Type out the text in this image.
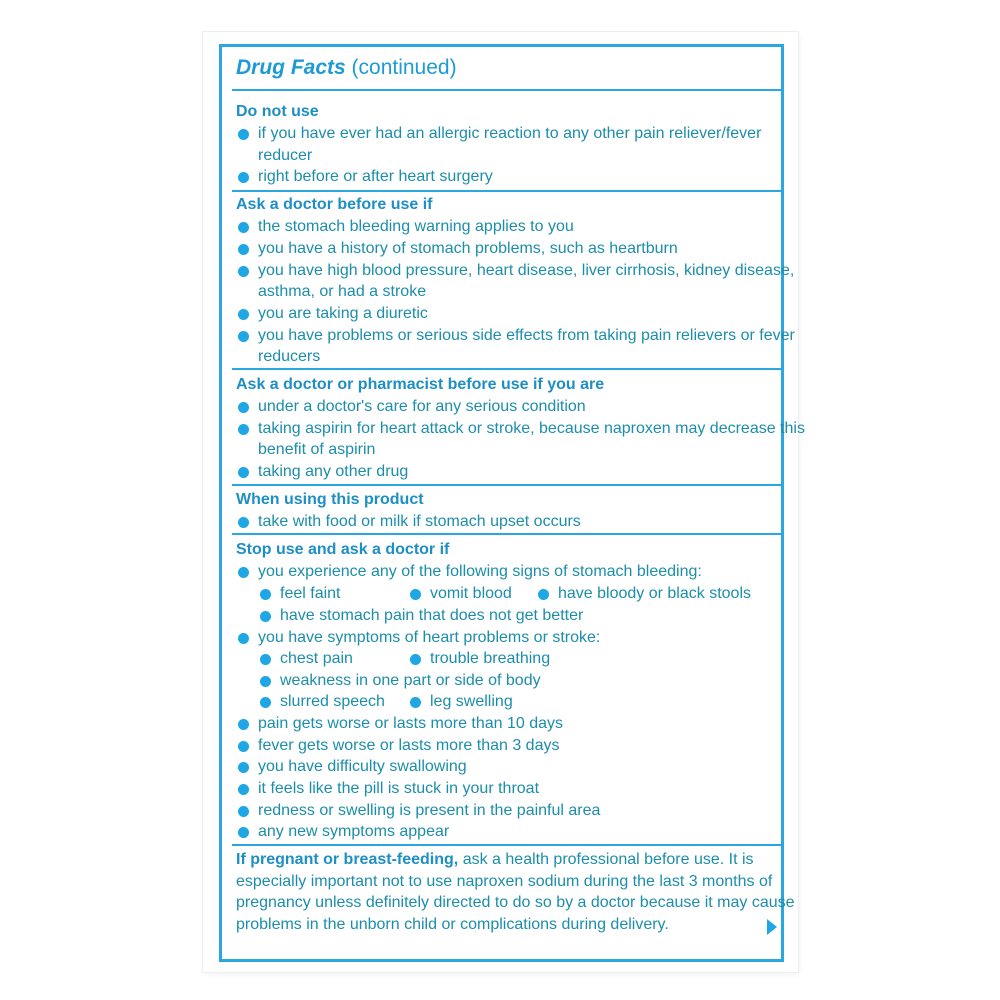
Drug Facts (continued)
Do not use
if you have ever had an allergic reaction to any other pain reliever/fever
reducer
right before or after heart surgery
Ask a doctor before use if
the stomach bleeding warning applies to you
you have a history of stomach problems, such as heartburn
you have high blood pressure, heart disease, liver cirrhosis, kidney disease,
asthma, or had a stroke
you are taking a diuretic
you have problems or serious side effects from taking pain relievers or fever
reducers
Ask a doctor or pharmacist before use if you are
under a doctor's care for any serious condition
taking aspirin for heart attack or stroke, because naproxen may decrease this
benefit of aspirin
taking any other drug
When using this product
take with food or milk if stomach upset occurs
Stop use and ask a doctor if
you experience any of the following signs of stomach bleeding:
feel faint	vomit blood	have bloody or black stools
have stomach pain that does not get better
you have symptoms of heart problems or stroke:
chest pain	trouble breathing
weakness in one part or side of body
slurred speech	leg swelling
pain gets worse or lasts more than 10 days
fever gets worse or lasts more than 3 days
you have difficulty swallowing
it feels like the pill is stuck in your throat
redness or swelling is present in the painful area
any new symptoms appear
If pregnant or breast-feeding, ask a health professional before use. It is
especially important not to use naproxen sodium during the last 3 months of
pregnancy unless definitely directed to do so by a doctor because it may cause
problems in the unborn child or complications during delivery.
